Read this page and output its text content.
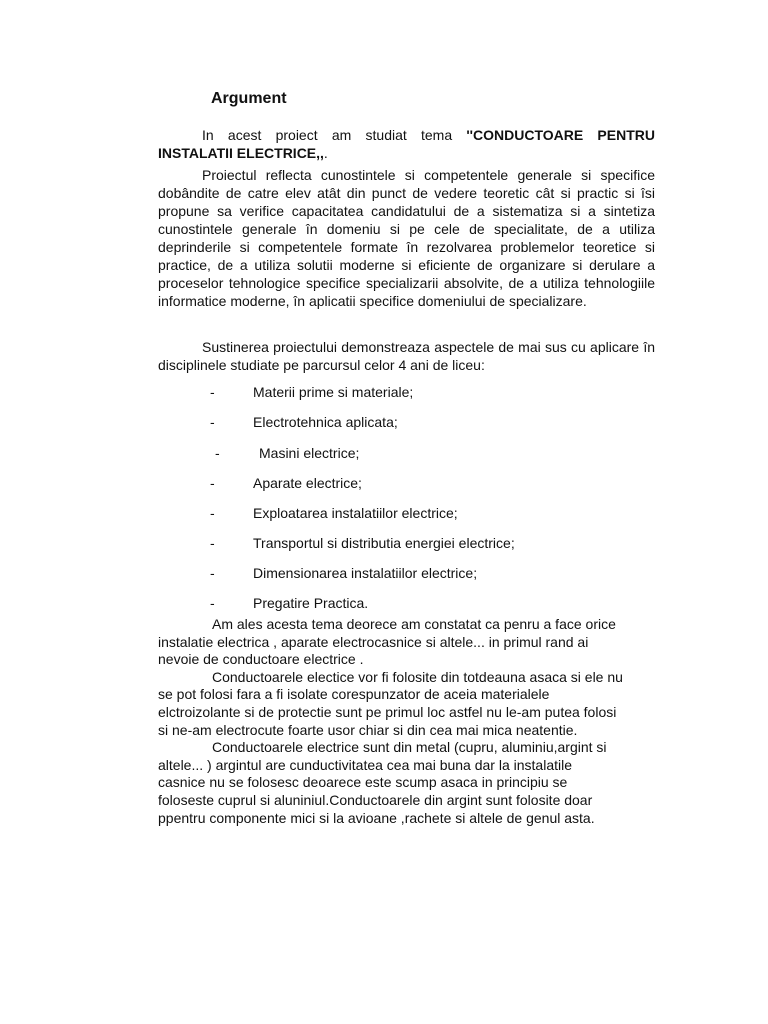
Argument

In acest proiect am studiat tema ''CONDUCTOARE PENTRU INSTALATII ELECTRICE,,.

Proiectul reflecta cunostintele si competentele generale si specifice dobândite de catre elev atât din punct de vedere teoretic cât si practic si îsi propune sa verifice capacitatea candidatului de a sistematiza si a sintetiza cunostintele generale în domeniu si pe cele de specialitate, de a utiliza deprinderile si competentele formate în rezolvarea problemelor teoretice si practice, de a utiliza solutii moderne si eficiente de organizare si derulare a proceselor tehnologice specifice specializarii absolvite, de a utiliza tehnologiile informatice moderne, în aplicatii specifice domeniului de specializare.

Sustinerea proiectului demonstreaza aspectele de mai sus cu aplicare în disciplinele studiate pe parcursul celor 4 ani de liceu:

-	Materii prime si materiale;
-	Electrotehnica aplicata;
-	Masini electrice;
-	Aparate electrice;
-	Exploatarea instalatiilor electrice;
-	Transportul si distributia energiei electrice;
-	Dimensionarea instalatiilor electrice;
-	Pregatire Practica.

Am ales acesta tema deorece am constatat ca penru a face orice
instalatie electrica , aparate electrocasnice si altele... in primul rand ai
nevoie de conductoare electrice .
Conductoarele electice vor fi folosite din totdeauna asaca si ele nu
se pot folosi fara a fi isolate corespunzator de aceia materialele
elctroizolante si de protectie sunt pe primul loc astfel nu le-am putea folosi
si ne-am electrocute foarte usor chiar si din cea mai mica neatentie.
Conductoarele electrice sunt din metal (cupru, aluminiu,argint si
altele... ) argintul are cunductivitatea cea mai buna dar la instalatile
casnice nu se folosesc deoarece este scump asaca in principiu se
foloseste cuprul si aluniniul.Conductoarele din argint sunt folosite doar
ppentru componente mici si la avioane ,rachete si altele de genul asta.
